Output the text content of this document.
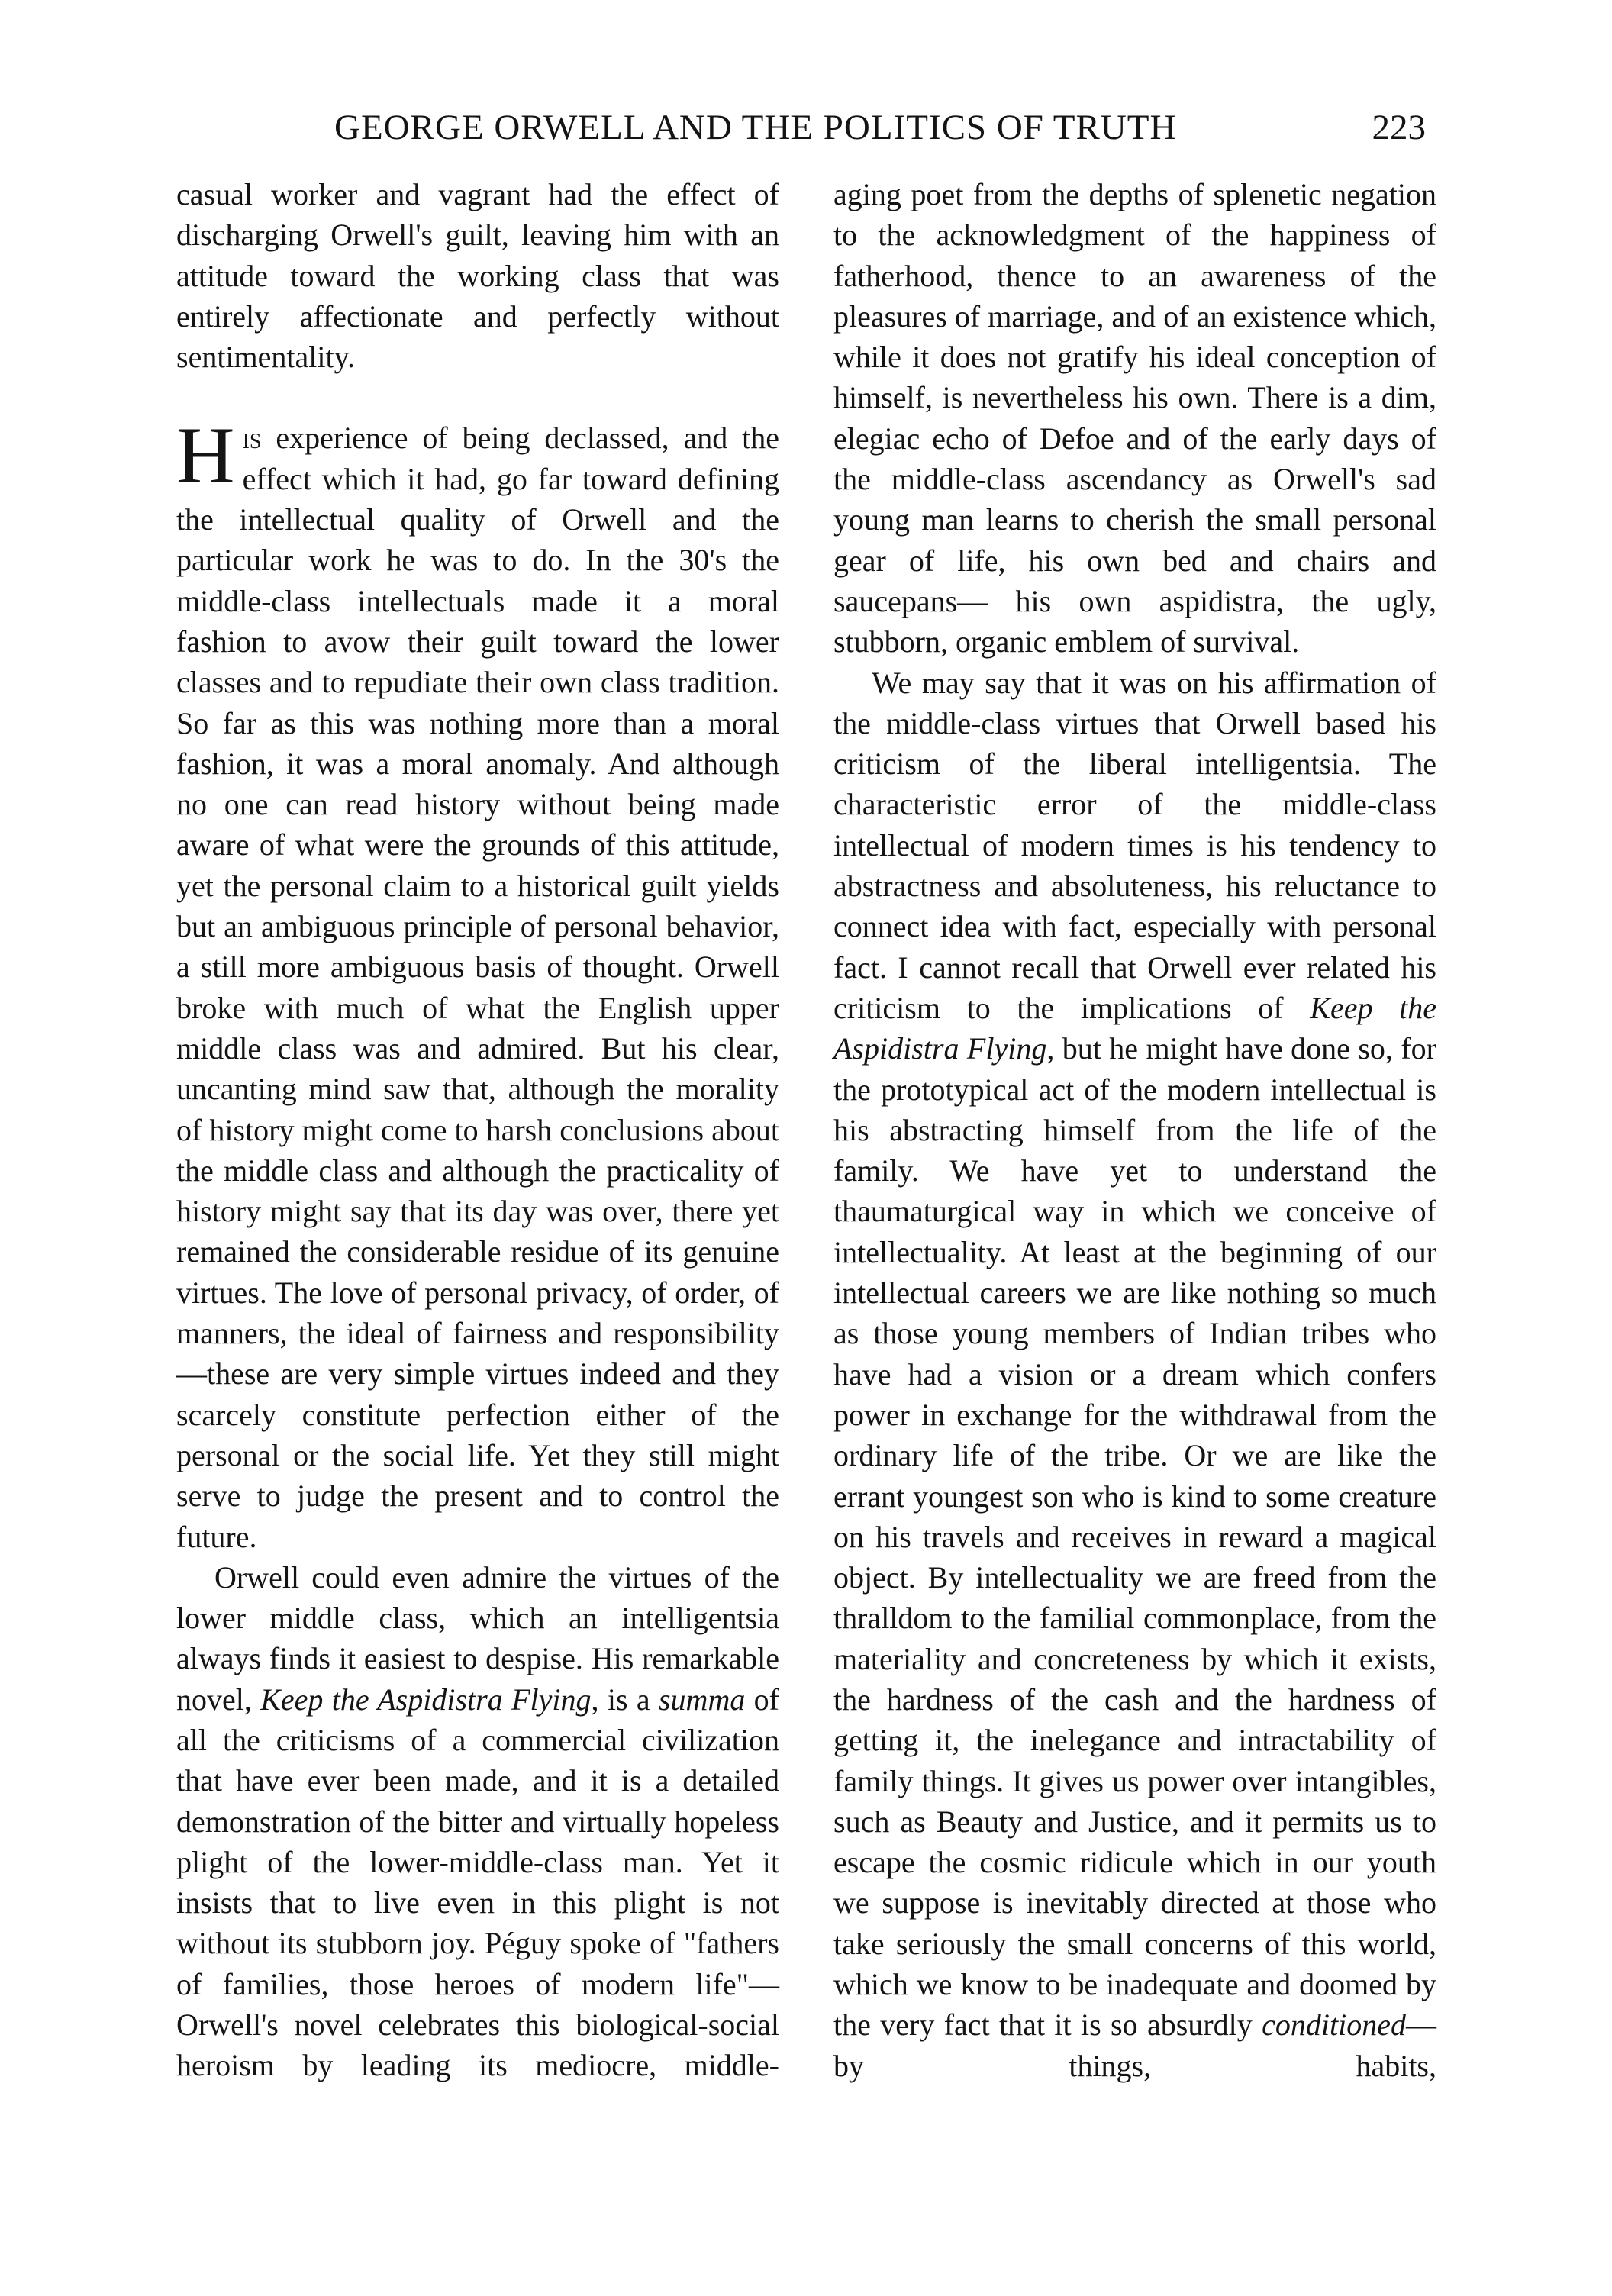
GEORGE ORWELL AND THE POLITICS OF TRUTH	223

casual worker and vagrant had the effect of discharging Orwell's guilt, leaving him with an attitude toward the working class that was entirely affectionate and perfectly without sentimentality.

His experience of being declassed, and the effect which it had, go far toward defining the intellectual quality of Orwell and the particular work he was to do. In the 30's the middle-class intellectuals made it a moral fashion to avow their guilt toward the lower classes and to repudiate their own class tradition. So far as this was nothing more than a moral fashion, it was a moral anomaly. And although no one can read history without being made aware of what were the grounds of this attitude, yet the personal claim to a historical guilt yields but an ambiguous principle of personal behavior, a still more ambiguous basis of thought. Orwell broke with much of what the English upper middle class was and admired. But his clear, uncanting mind saw that, although the morality of history might come to harsh conclusions about the middle class and although the practicality of history might say that its day was over, there yet remained the considerable residue of its genuine virtues. The love of personal privacy, of order, of manners, the ideal of fairness and responsibility —these are very simple virtues indeed and they scarcely constitute perfection either of the personal or the social life. Yet they still might serve to judge the present and to control the future.

Orwell could even admire the virtues of the lower middle class, which an intelligentsia always finds it easiest to despise. His remarkable novel, Keep the Aspidistra Flying, is a summa of all the criticisms of a commercial civilization that have ever been made, and it is a detailed demonstration of the bitter and virtually hopeless plight of the lower-middle-class man. Yet it insists that to live even in this plight is not without its stubborn joy. Péguy spoke of "fathers of families, those heroes of modern life"—Orwell's novel celebrates this biological-social heroism by leading its mediocre, middle-

aging poet from the depths of splenetic negation to the acknowledgment of the happiness of fatherhood, thence to an awareness of the pleasures of marriage, and of an existence which, while it does not gratify his ideal conception of himself, is nevertheless his own. There is a dim, elegiac echo of Defoe and of the early days of the middle-class ascendancy as Orwell's sad young man learns to cherish the small personal gear of life, his own bed and chairs and saucepans— his own aspidistra, the ugly, stubborn, organic emblem of survival.

We may say that it was on his affirmation of the middle-class virtues that Orwell based his criticism of the liberal intelligentsia. The characteristic error of the middle-class intellectual of modern times is his tendency to abstractness and absoluteness, his reluctance to connect idea with fact, especially with personal fact. I cannot recall that Orwell ever related his criticism to the implications of Keep the Aspidistra Flying, but he might have done so, for the prototypical act of the modern intellectual is his abstracting himself from the life of the family. We have yet to understand the thaumaturgical way in which we conceive of intellectuality. At least at the beginning of our intellectual careers we are like nothing so much as those young members of Indian tribes who have had a vision or a dream which confers power in exchange for the withdrawal from the ordinary life of the tribe. Or we are like the errant youngest son who is kind to some creature on his travels and receives in reward a magical object. By intellectuality we are freed from the thralldom to the familial commonplace, from the materiality and concreteness by which it exists, the hardness of the cash and the hardness of getting it, the inelegance and intractability of family things. It gives us power over intangibles, such as Beauty and Justice, and it permits us to escape the cosmic ridicule which in our youth we suppose is inevitably directed at those who take seriously the small concerns of this world, which we know to be inadequate and doomed by the very fact that it is so absurdly conditioned—by things, habits,
